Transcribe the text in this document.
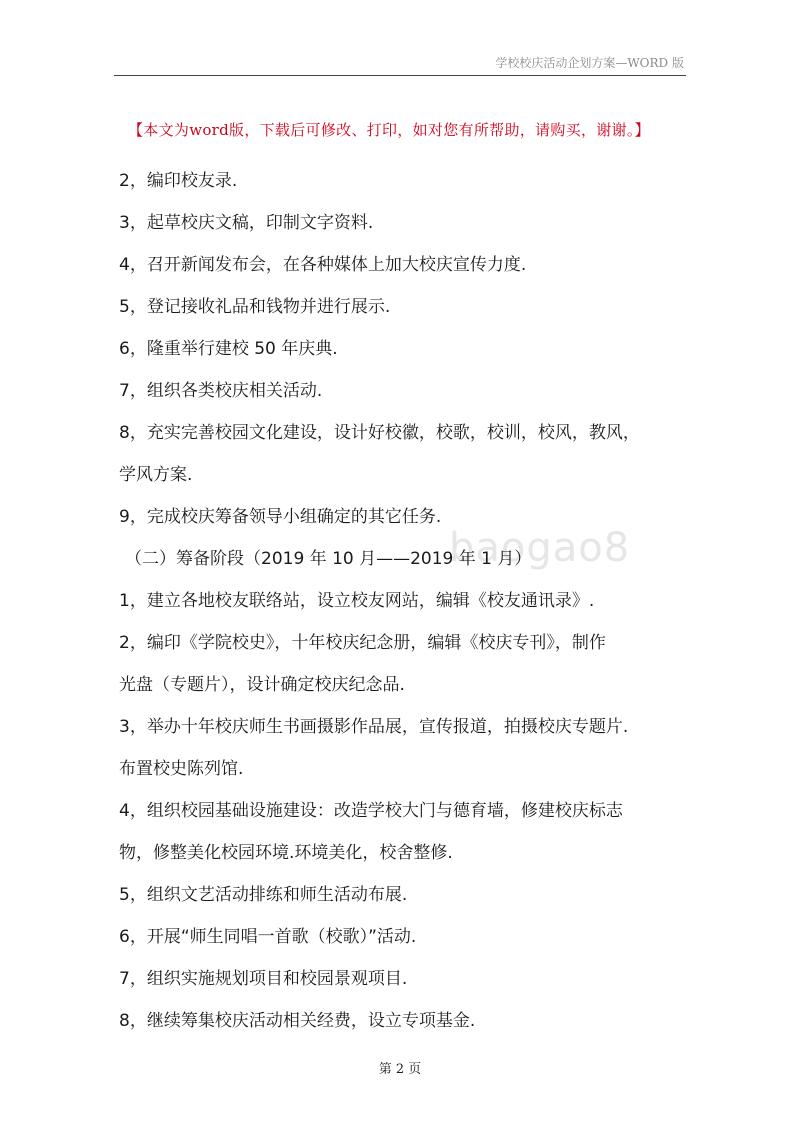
学校校庆活动企划方案—WORD 版
【本文为word版，下载后可修改、打印，如对您有所帮助，请购买，谢谢。】
baogao8
2，编印校友录.
3，起草校庆文稿，印制文字资料.
4，召开新闻发布会，在各种媒体上加大校庆宣传力度.
5，登记接收礼品和钱物并进行展示.
6，隆重举行建校 50 年庆典.
7，组织各类校庆相关活动.
8，充实完善校园文化建设，设计好校徽，校歌，校训，校风，教风，
学风方案.
9，完成校庆筹备领导小组确定的其它任务.
（二）筹备阶段（2019 年 10 月——2019 年 1 月）
1，建立各地校友联络站，设立校友网站，编辑《校友通讯录》.
2，编印《学院校史》，十年校庆纪念册，编辑《校庆专刊》，制作
光盘（专题片），设计确定校庆纪念品.
3，举办十年校庆师生书画摄影作品展，宣传报道，拍摄校庆专题片.
布置校史陈列馆.
4，组织校园基础设施建设：改造学校大门与德育墙，修建校庆标志
物，修整美化校园环境.环境美化，校舍整修.
5，组织文艺活动排练和师生活动布展.
6，开展“师生同唱一首歌（校歌）”活动.
7，组织实施规划项目和校园景观项目.
8，继续筹集校庆活动相关经费，设立专项基金.
第 2 页
